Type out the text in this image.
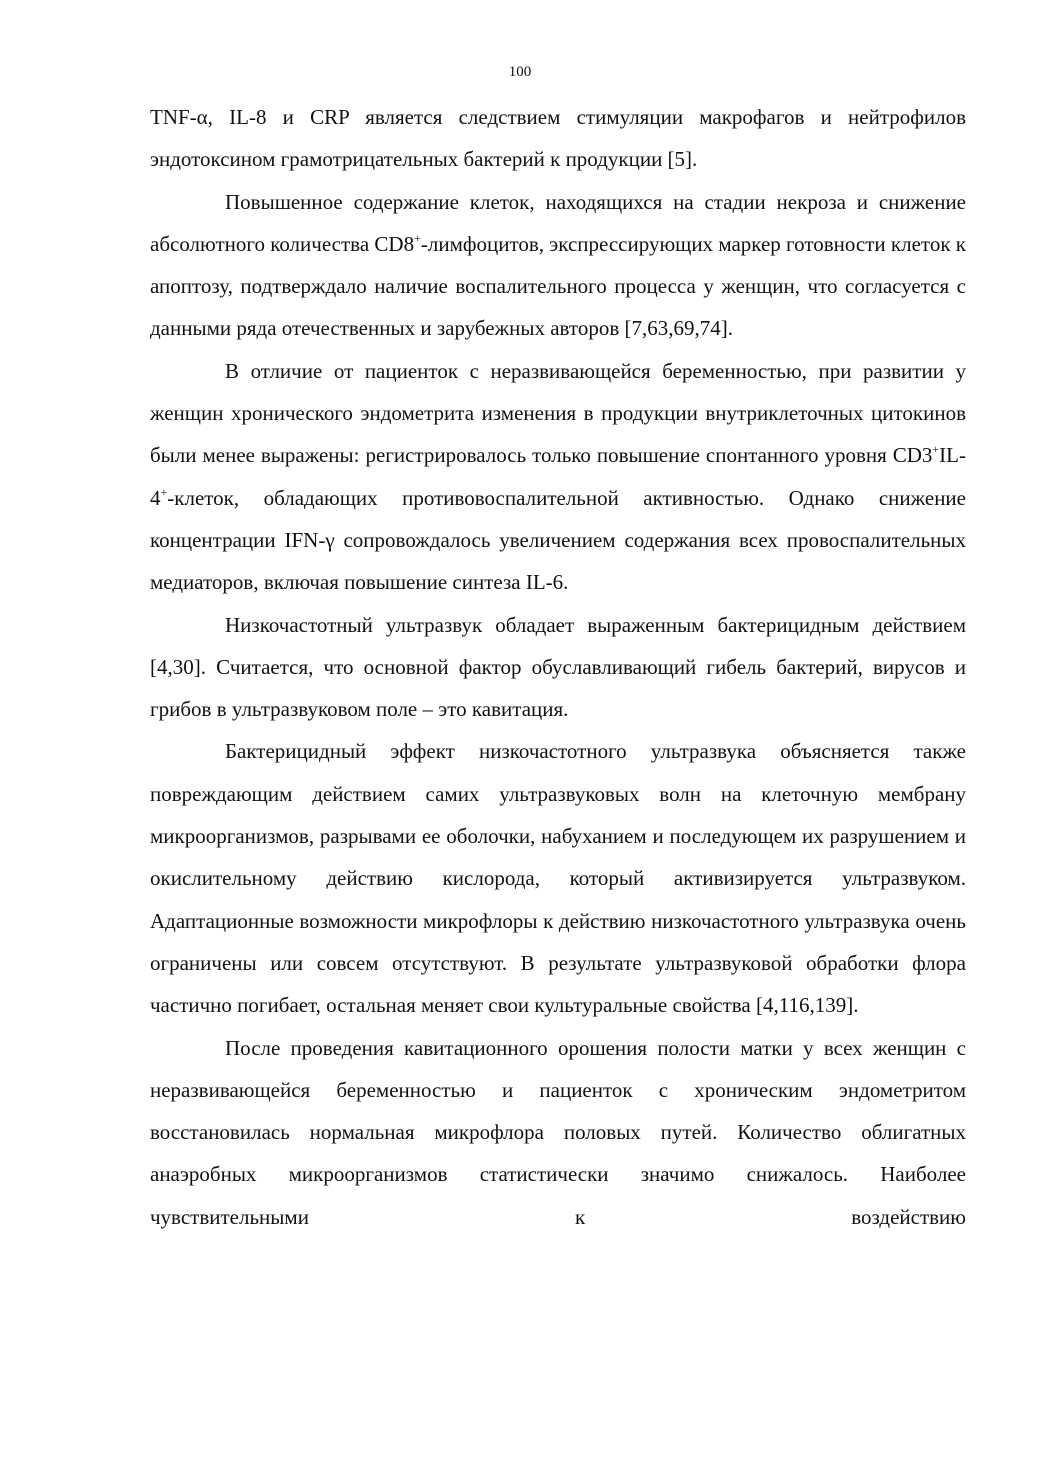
100

TNF-α, IL-8 и CRP является следствием стимуляции макрофагов и нейтрофилов эндотоксином грамотрицательных бактерий к продукции [5].

Повышенное содержание клеток, находящихся на стадии некроза и снижение абсолютного количества CD8+-лимфоцитов, экспрессирующих маркер готовности клеток к апоптозу, подтверждало наличие воспалительного процесса у женщин, что согласуется с данными ряда отечественных и зарубежных авторов [7,63,69,74].

В отличие от пациенток с неразвивающейся беременностью, при развитии у женщин хронического эндометрита изменения в продукции внутриклеточных цитокинов были менее выражены: регистрировалось только повышение спонтанного уровня CD3+IL-4+-клеток, обладающих противовоспалительной активностью. Однако снижение концентрации IFN-γ сопровождалось увеличением содержания всех провоспалительных медиаторов, включая повышение синтеза IL-6.

Низкочастотный ультразвук обладает выраженным бактерицидным действием [4,30]. Считается, что основной фактор обуславливающий гибель бактерий, вирусов и грибов в ультразвуковом поле – это кавитация.

Бактерицидный эффект низкочастотного ультразвука объясняется также повреждающим действием самих ультразвуковых волн на клеточную мембрану микроорганизмов, разрывами ее оболочки, набуханием и последующем их разрушением и окислительному действию кислорода, который активизируется ультразвуком. Адаптационные возможности микрофлоры к действию низкочастотного ультразвука очень ограничены или совсем отсутствуют. В результате ультразвуковой обработки флора частично погибает, остальная меняет свои культуральные свойства [4,116,139].

После проведения кавитационного орошения полости матки у всех женщин с неразвивающейся беременностью и пациенток с хроническим эндометритом восстановилась нормальная микрофлора половых путей. Количество облигатных анаэробных микроорганизмов статистически значимо снижалось. Наиболее чувствительными к воздействию
